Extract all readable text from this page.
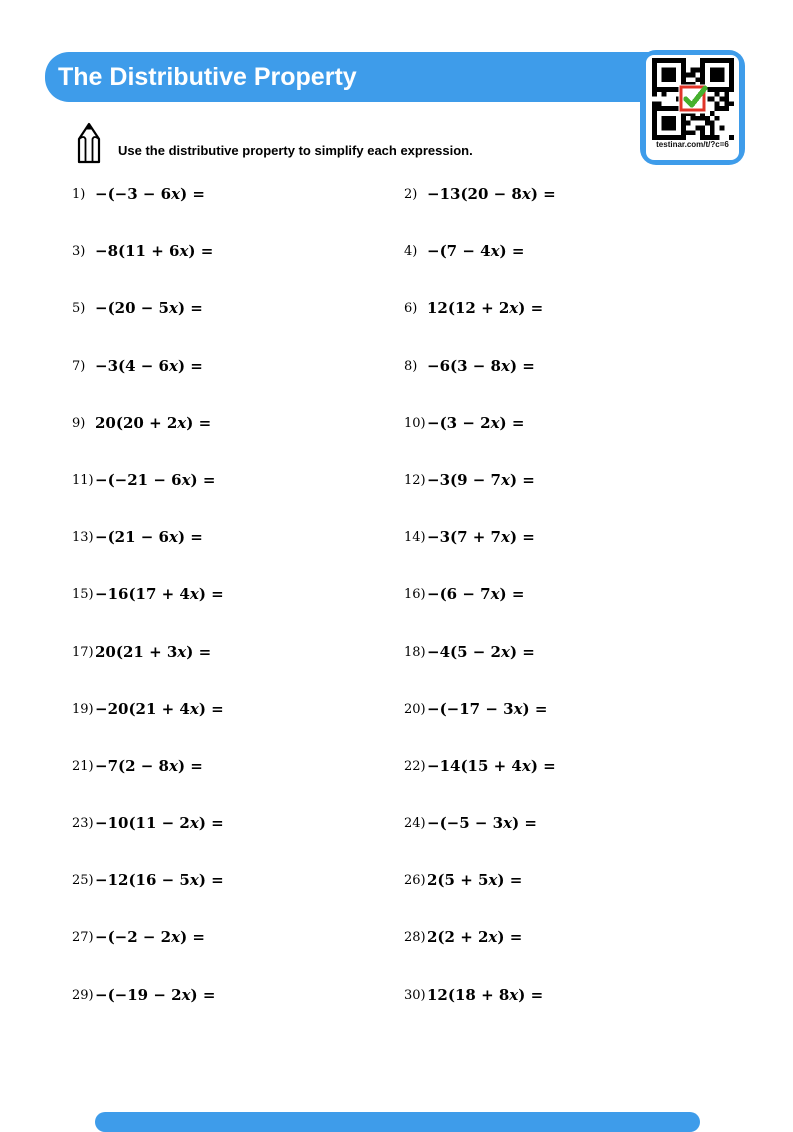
The Distributive Property
testinar.com/t/?c=6
Use the distributive property to simplify each expression.
1) −(−3 − 6x) =	2) −13(20 − 8x) =
3) −8(11 + 6x) =	4) −(7 − 4x) =
5) −(20 − 5x) =	6) 12(12 + 2x) =
7) −3(4 − 6x) =	8) −6(3 − 8x) =
9) 20(20 + 2x) =	10) −(3 − 2x) =
11) −(−21 − 6x) =	12) −3(9 − 7x) =
13) −(21 − 6x) =	14) −3(7 + 7x) =
15) −16(17 + 4x) =	16) −(6 − 7x) =
17) 20(21 + 3x) =	18) −4(5 − 2x) =
19) −20(21 + 4x) =	20) −(−17 − 3x) =
21) −7(2 − 8x) =	22) −14(15 + 4x) =
23) −10(11 − 2x) =	24) −(−5 − 3x) =
25) −12(16 − 5x) =	26) 2(5 + 5x) =
27) −(−2 − 2x) =	28) 2(2 + 2x) =
29) −(−19 − 2x) =	30) 12(18 + 8x) =
